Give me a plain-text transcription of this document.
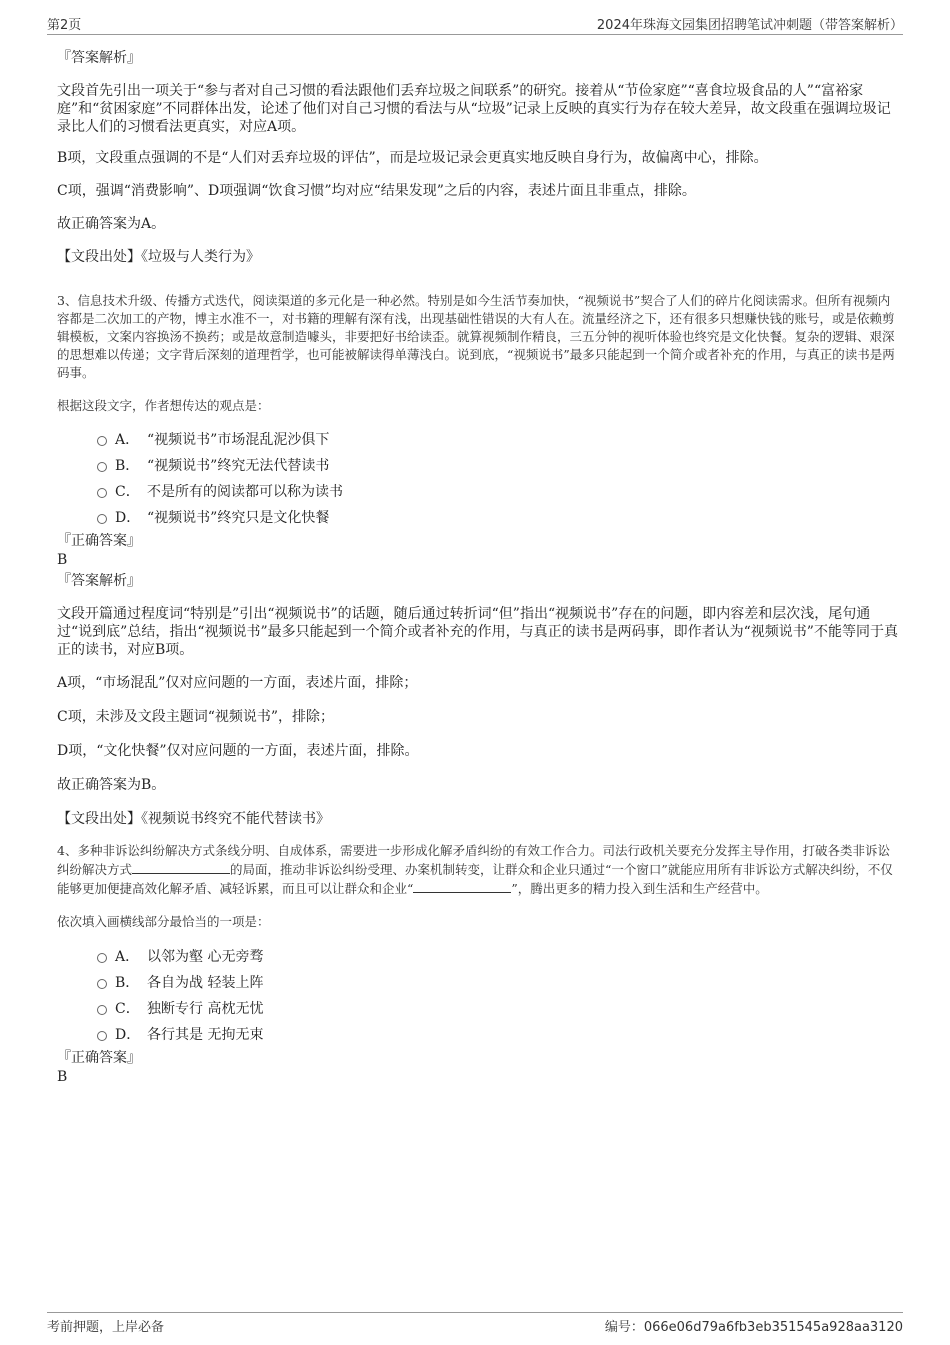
第2页	2024年珠海文园集团招聘笔试冲刺题（带答案解析）

『答案解析』

文段首先引出一项关于“参与者对自己习惯的看法跟他们丢弃垃圾之间联系”的研究。接着从“节俭家庭”“喜食垃圾食品的人”“富裕家庭”和“贫困家庭”不同群体出发，论述了他们对自己习惯的看法与从“垃圾”记录上反映的真实行为存在较大差异，故文段重在强调垃圾记录比人们的习惯看法更真实，对应A项。

B项，文段重点强调的不是“人们对丢弃垃圾的评估”，而是垃圾记录会更真实地反映自身行为，故偏离中心，排除。

C项，强调“消费影响”、D项强调“饮食习惯”均对应“结果发现”之后的内容，表述片面且非重点，排除。

故正确答案为A。

【文段出处】《垃圾与人类行为》

3、信息技术升级、传播方式迭代，阅读渠道的多元化是一种必然。特别是如今生活节奏加快，“视频说书”契合了人们的碎片化阅读需求。但所有视频内容都是二次加工的产物，博主水准不一，对书籍的理解有深有浅，出现基础性错误的大有人在。流量经济之下，还有很多只想赚快钱的账号，或是依赖剪辑模板，文案内容换汤不换药；或是故意制造噱头，非要把好书给读歪。就算视频制作精良，三五分钟的视听体验也终究是文化快餐。复杂的逻辑、艰深的思想难以传递；文字背后深刻的道理哲学，也可能被解读得单薄浅白。说到底，“视频说书”最多只能起到一个简介或者补充的作用，与真正的读书是两码事。

根据这段文字，作者想传达的观点是：

A． “视频说书”市场混乱泥沙俱下
B． “视频说书”终究无法代替读书
C． 不是所有的阅读都可以称为读书
D． “视频说书”终究只是文化快餐

『正确答案』

B

『答案解析』

文段开篇通过程度词“特别是”引出“视频说书”的话题，随后通过转折词“但”指出“视频说书”存在的问题，即内容差和层次浅，尾句通过“说到底”总结，指出“视频说书”最多只能起到一个简介或者补充的作用，与真正的读书是两码事，即作者认为“视频说书”不能等同于真正的读书，对应B项。

A项，“市场混乱”仅对应问题的一方面，表述片面，排除；

C项，未涉及文段主题词“视频说书”，排除；

D项，“文化快餐”仅对应问题的一方面，表述片面，排除。

故正确答案为B。

【文段出处】《视频说书终究不能代替读书》

4、多种非诉讼纠纷解决方式条线分明、自成体系，需要进一步形成化解矛盾纠纷的有效工作合力。司法行政机关要充分发挥主导作用，打破各类非诉讼纠纷解决方式	的局面，推动非诉讼纠纷受理、办案机制转变，让群众和企业只通过“一个窗口”就能应用所有非诉讼方式解决纠纷，不仅能够更加便捷高效化解矛盾、减轻诉累，而且可以让群众和企业“	”，腾出更多的精力投入到生活和生产经营中。

依次填入画横线部分最恰当的一项是：

A． 以邻为壑 心无旁骛
B． 各自为战 轻装上阵
C． 独断专行 高枕无忧
D． 各行其是 无拘无束

『正确答案』

B

考前押题，上岸必备	编号：066e06d79a6fb3eb351545a928aa3120
